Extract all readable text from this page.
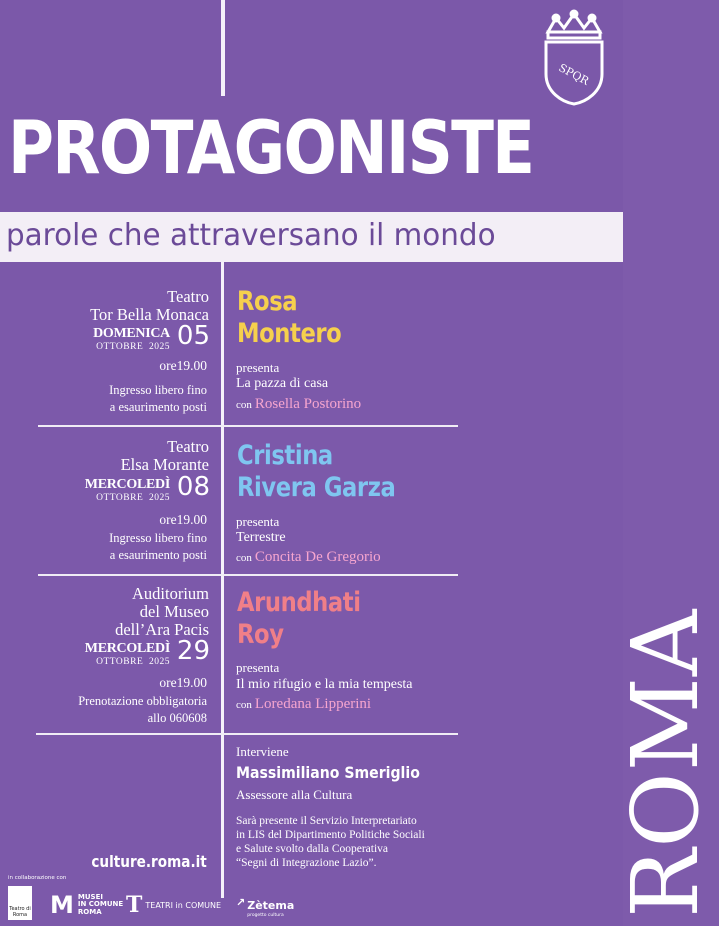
SPQR
PROTAGONISTE
parole che attraversano il mondo
Teatro
Tor Bella Monaca
DOMENICA
OTTOBRE 2025 05
ore19.00
Ingresso libero fino
a esaurimento posti
Rosa
Montero
presenta
La pazza di casa
con Rosella Postorino
Teatro
Elsa Morante
MERCOLEDÌ
OTTOBRE 2025 08
ore19.00
Ingresso libero fino
a esaurimento posti
Cristina
Rivera Garza
presenta
Terrestre
con Concita De Gregorio
Auditorium
del Museo
dell’Ara Pacis
MERCOLEDÌ
OTTOBRE 2025 29
ore19.00
Prenotazione obbligatoria
allo 060608
Arundhati
Roy
presenta
Il mio rifugio e la mia tempesta
con Loredana Lipperini
Interviene
Massimiliano Smeriglio
Assessore alla Cultura
Sarà presente il Servizio Interpretariato
in LIS del Dipartimento Politiche Sociali
e Salute svolto dalla Cooperativa
“Segni di Integrazione Lazio”.
culture.roma.it	ROMA
in collaborazione con
Teatro di Roma M MUSEI
IN COMUNE
ROMA	T TEATRI in COMUNE ↗ Zètema
progetto cultura
